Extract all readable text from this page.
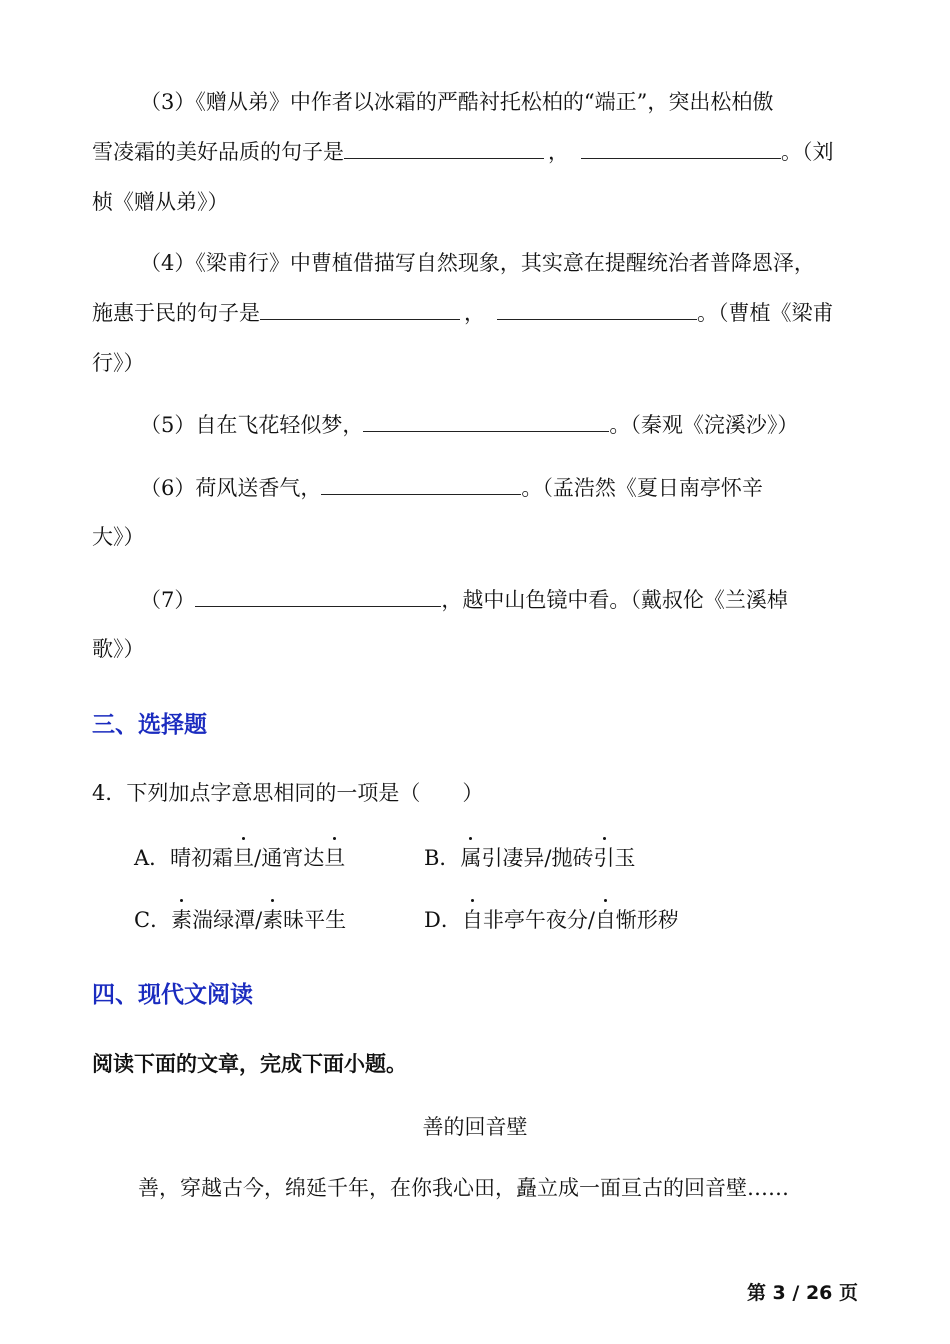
（3）《赠从弟》中作者以冰霜的严酷衬托松柏的“端正”，突出松柏傲
雪凌霜的美好品质的句子是	，	。（刘
桢《赠从弟》）
（4）《梁甫行》中曹植借描写自然现象，其实意在提醒统治者普降恩泽，
施惠于民的句子是	，	。（曹植《梁甫
行》）
（5）自在飞花轻似梦，	。（秦观《浣溪沙》）
（6）荷风送香气，	。（孟浩然《夏日南亭怀辛
大》）
（7）	，越中山色镜中看。（戴叔伦《兰溪棹
歌》）
三、选择题
4．下列加点字意思相同的一项是（　　）
A．晴初霜旦/通宵达旦	B．属引凄异/抛砖引玉
C．素湍绿潭/素昧平生	D．自非亭午夜分/自惭形秽
四、现代文阅读
阅读下面的文章，完成下面小题。
善的回音壁
善，穿越古今，绵延千年，在你我心田，矗立成一面亘古的回音壁……
第 3 / 26 页
